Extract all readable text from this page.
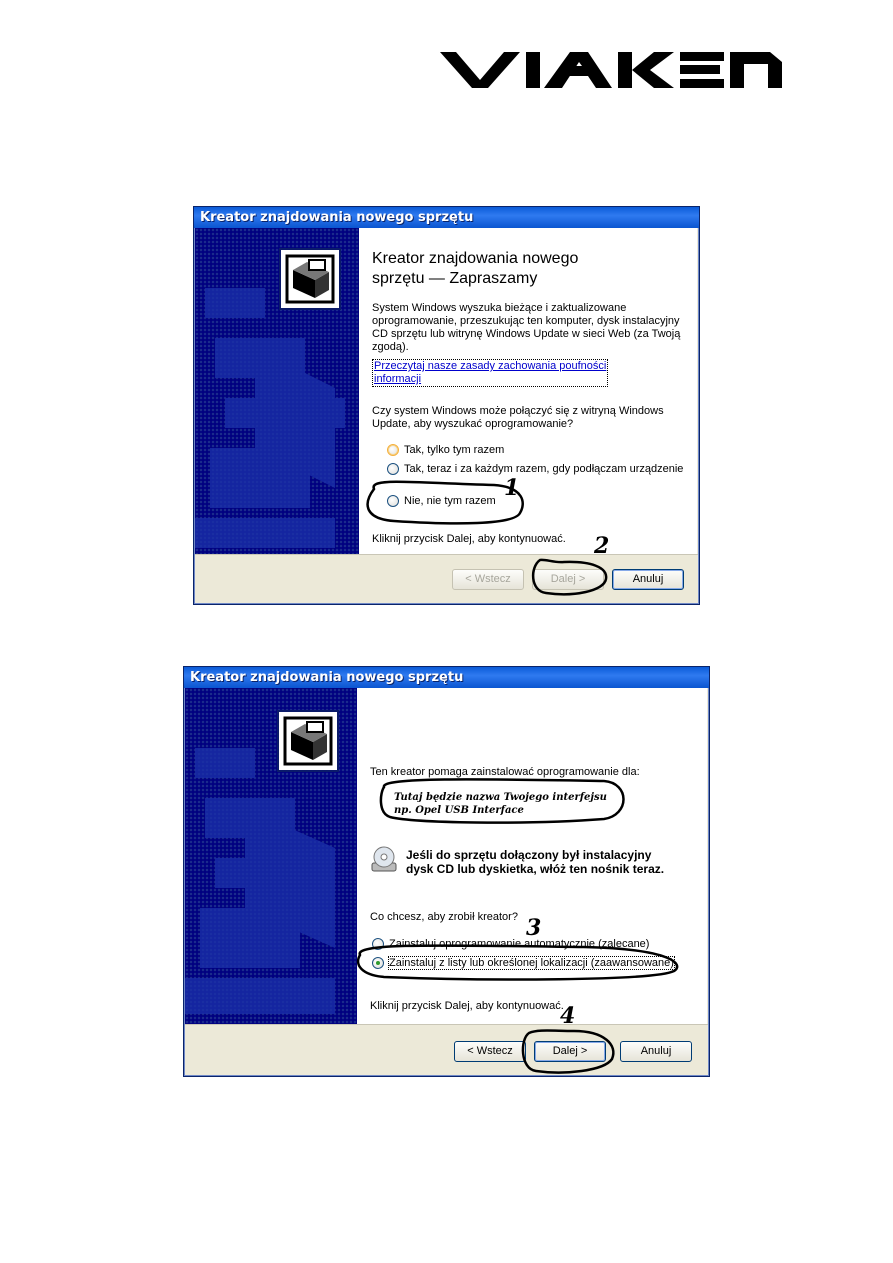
Kreator znajdowania nowego sprzętu
Kreator znajdowania nowego
sprzętu — Zapraszamy
System Windows wyszuka bieżące i zaktualizowane
oprogramowanie, przeszukując ten komputer, dysk instalacyjny
CD sprzętu lub witrynę Windows Update w sieci Web (za Twoją
zgodą).
Przeczytaj nasze zasady zachowania poufności
informacji
Czy system Windows może połączyć się z witryną Windows
Update, aby wyszukać oprogramowanie?
Tak, tylko tym razem
Tak, teraz i za każdym razem, gdy podłączam urządzenie
Nie, nie tym razem
Kliknij przycisk Dalej, aby kontynuować.
< Wstecz	Dalej >	Anuluj
1
2
Kreator znajdowania nowego sprzętu
Ten kreator pomaga zainstalować oprogramowanie dla:
Tutaj będzie nazwa Twojego interfejsu
np. Opel USB Interface
Jeśli do sprzętu dołączony był instalacyjny
dysk CD lub dyskietka, włóż ten nośnik teraz.
Co chcesz, aby zrobił kreator?
Zainstaluj oprogramowanie automatycznie (zalecane)
Zainstaluj z listy lub określonej lokalizacji (zaawansowane)
Kliknij przycisk Dalej, aby kontynuować.
< Wstecz	Dalej >	Anuluj
3
4
